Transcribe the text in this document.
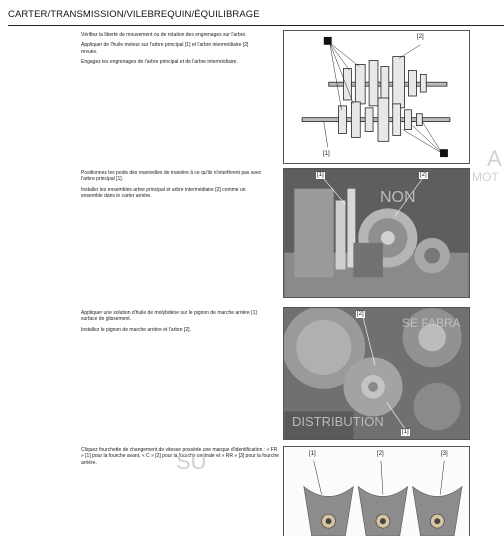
CARTER/TRANSMISSION/VILEBREQUIN/ÉQUILIBRAGE

Vérifiez la liberté de mouvement ou de rotation des engrenages sur l'arbre.

Appliquer de l'huile moteur sur l'arbre principal [1] et l'arbre intermédiaire [2] revues.

Engagez les engrenages de l'arbre principal et de l'arbre intermédiaire.

[2]
[1]

Positionnez les poids des manivelles de manière à ce qu'ils n'interfèrent pas avec l'arbre principal [1].

Installer les ensembles arbre principal et arbre intermédiaire [2] comme un ensemble dans le carter arrière.

[1]	[2]

Appliquer une solution d'huile de molybdène sur le pignon de marche arrière [1] surface de glissement.

Installez le pignon de marche arrière et l'arbre [2].

[2]
[1]

Cliquez fourchette de changement de vitesse possède une marque d'identification : « FR » [1] pour la fourche avant, « C » [2] pour la fourche centrale et « RR » [3] pour la fourche arrière.

[1]	[2]	[3]
A
MOT
NON
SE FABRA
DISTRIBUTION
SU
